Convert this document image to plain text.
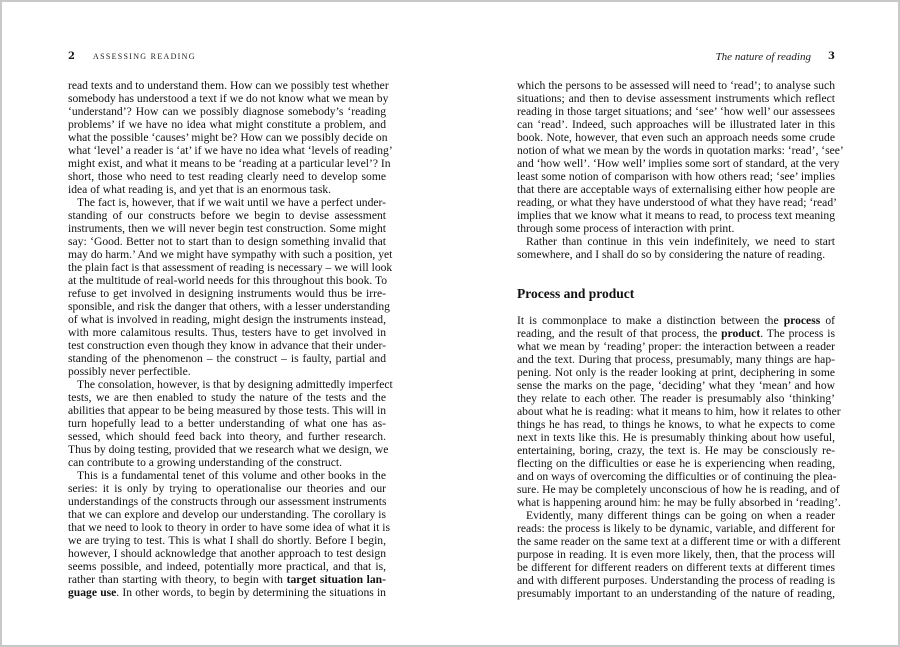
2 ASSESSING READING
read texts and to understand them. How can we possibly test whether
somebody has understood a text if we do not know what we mean by
‘understand’? How can we possibly diagnose somebody’s ‘reading
problems’ if we have no idea what might constitute a problem, and
what the possible ‘causes’ might be? How can we possibly decide on
what ‘level’ a reader is ‘at’ if we have no idea what ‘levels of reading’
might exist, and what it means to be ‘reading at a particular level’? In
short, those who need to test reading clearly need to develop some
idea of what reading is, and yet that is an enormous task.
The fact is, however, that if we wait until we have a perfect under-
standing of our constructs before we begin to devise assessment
instruments, then we will never begin test construction. Some might
say: ‘Good. Better not to start than to design something invalid that
may do harm.’ And we might have sympathy with such a position, yet
the plain fact is that assessment of reading is necessary – we will look
at the multitude of real-world needs for this throughout this book. To
refuse to get involved in designing instruments would thus be irre-
sponsible, and risk the danger that others, with a lesser understanding
of what is involved in reading, might design the instruments instead,
with more calamitous results. Thus, testers have to get involved in
test construction even though they know in advance that their under-
standing of the phenomenon – the construct – is faulty, partial and
possibly never perfectible.
The consolation, however, is that by designing admittedly imperfect
tests, we are then enabled to study the nature of the tests and the
abilities that appear to be being measured by those tests. This will in
turn hopefully lead to a better understanding of what one has as-
sessed, which should feed back into theory, and further research.
Thus by doing testing, provided that we research what we design, we
can contribute to a growing understanding of the construct.
This is a fundamental tenet of this volume and other books in the
series: it is only by trying to operationalise our theories and our
understandings of the constructs through our assessment instruments
that we can explore and develop our understanding. The corollary is
that we need to look to theory in order to have some idea of what it is
we are trying to test. This is what I shall do shortly. Before I begin,
however, I should acknowledge that another approach to test design
seems possible, and indeed, potentially more practical, and that is,
rather than starting with theory, to begin with target situation lan-
guage use. In other words, to begin by determining the situations in
The nature of reading 3
which the persons to be assessed will need to ‘read’; to analyse such
situations; and then to devise assessment instruments which reflect
reading in those target situations; and ‘see’ ‘how well’ our assessees
can ‘read’. Indeed, such approaches will be illustrated later in this
book. Note, however, that even such an approach needs some crude
notion of what we mean by the words in quotation marks: ‘read’, ‘see’
and ‘how well’. ‘How well’ implies some sort of standard, at the very
least some notion of comparison with how others read; ‘see’ implies
that there are acceptable ways of externalising either how people are
reading, or what they have understood of what they have read; ‘read’
implies that we know what it means to read, to process text meaning
through some process of interaction with print.
Rather than continue in this vein indefinitely, we need to start
somewhere, and I shall do so by considering the nature of reading.
Process and product
It is commonplace to make a distinction between the process of
reading, and the result of that process, the product. The process is
what we mean by ‘reading’ proper: the interaction between a reader
and the text. During that process, presumably, many things are hap-
pening. Not only is the reader looking at print, deciphering in some
sense the marks on the page, ‘deciding’ what they ‘mean’ and how
they relate to each other. The reader is presumably also ‘thinking’
about what he is reading: what it means to him, how it relates to other
things he has read, to things he knows, to what he expects to come
next in texts like this. He is presumably thinking about how useful,
entertaining, boring, crazy, the text is. He may be consciously re-
flecting on the difficulties or ease he is experiencing when reading,
and on ways of overcoming the difficulties or of continuing the plea-
sure. He may be completely unconscious of how he is reading, and of
what is happening around him: he may be fully absorbed in ‘reading’.
Evidently, many different things can be going on when a reader
reads: the process is likely to be dynamic, variable, and different for
the same reader on the same text at a different time or with a different
purpose in reading. It is even more likely, then, that the process will
be different for different readers on different texts at different times
and with different purposes. Understanding the process of reading is
presumably important to an understanding of the nature of reading,
